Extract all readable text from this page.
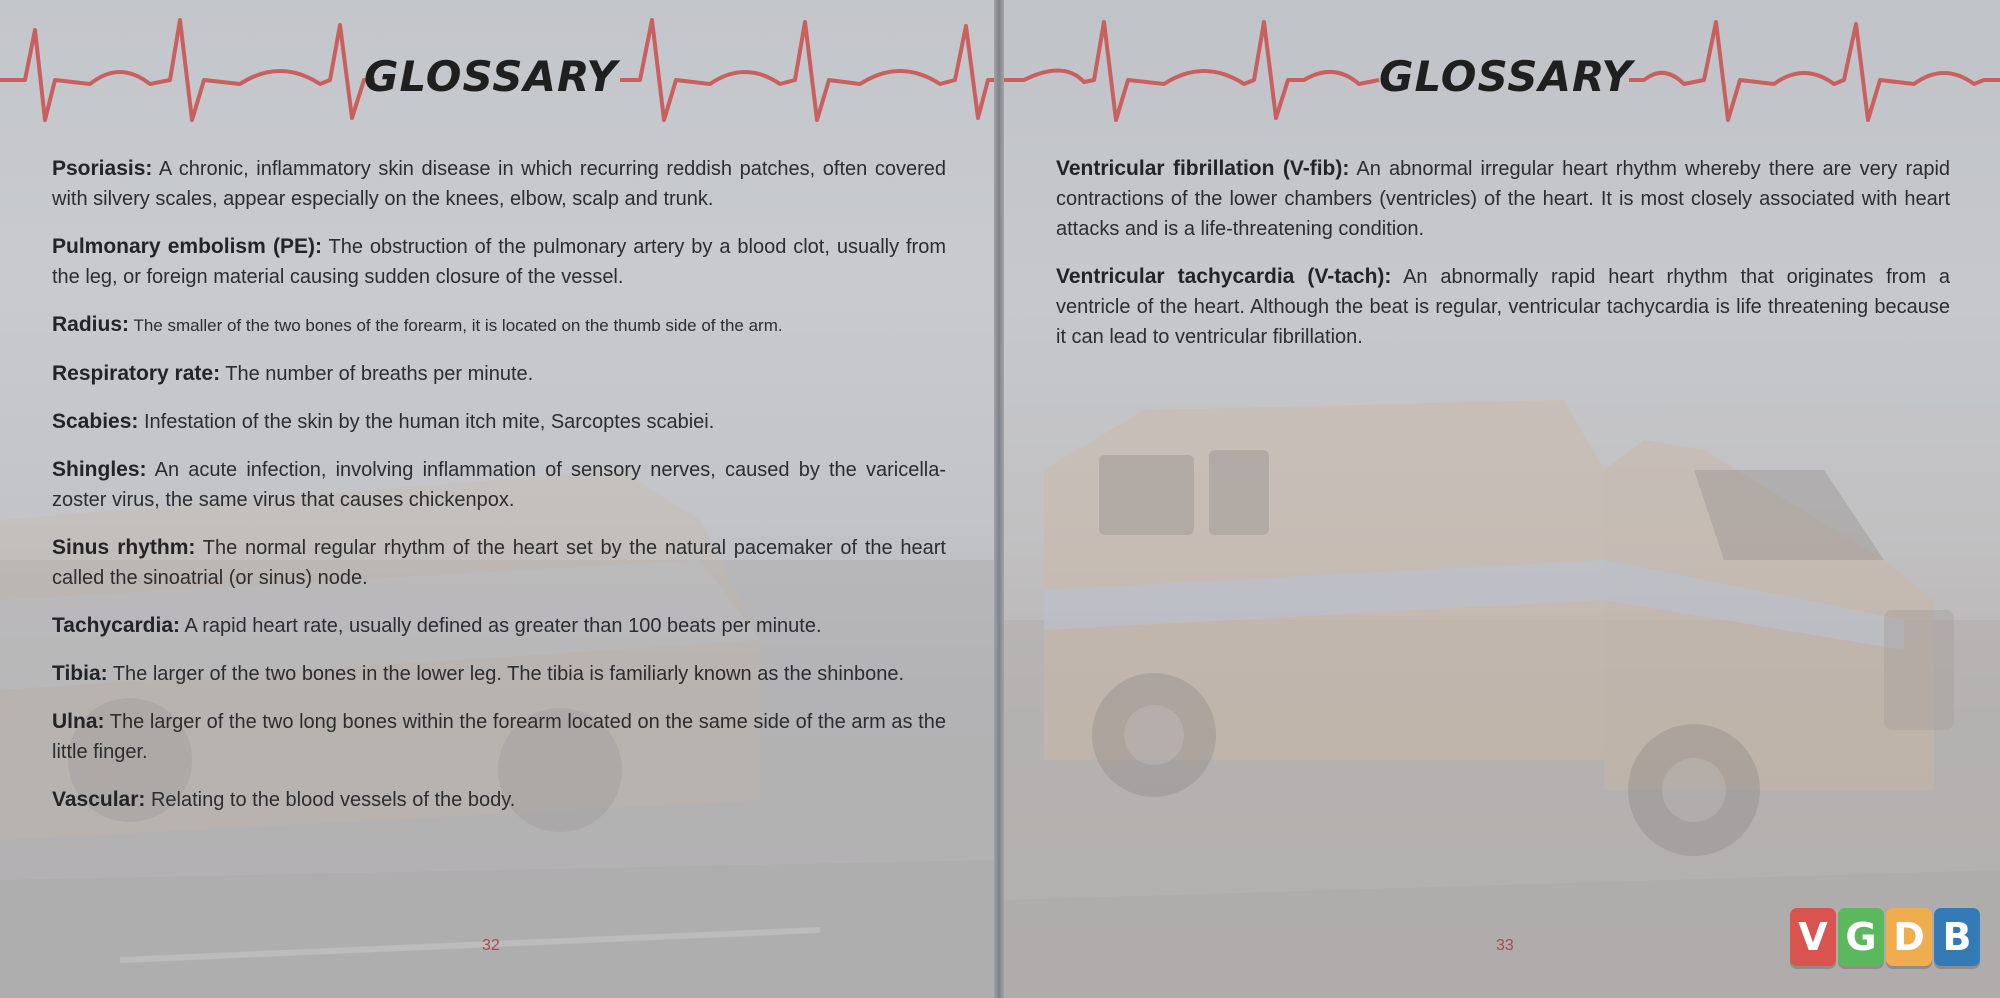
GLOSSARY

Psoriasis: A chronic, inflammatory skin disease in which recurring reddish patches, often covered with silvery scales, appear especially on the knees, elbow, scalp and trunk.

Pulmonary embolism (PE): The obstruction of the pulmonary artery by a blood clot, usually from the leg, or foreign material causing sudden closure of the vessel.

Radius: The smaller of the two bones of the forearm, it is located on the thumb side of the arm.

Respiratory rate: The number of breaths per minute.

Scabies: Infestation of the skin by the human itch mite, Sarcoptes scabiei.

Shingles: An acute infection, involving inflammation of sensory nerves, caused by the varicella-zoster virus, the same virus that causes chickenpox.

Sinus rhythm: The normal regular rhythm of the heart set by the natural pacemaker of the heart called the sinoatrial (or sinus) node.

Tachycardia: A rapid heart rate, usually defined as greater than 100 beats per minute.

Tibia: The larger of the two bones in the lower leg. The tibia is familiarly known as the shinbone.

Ulna: The larger of the two long bones within the forearm located on the same side of the arm as the little finger.

Vascular: Relating to the blood vessels of the body.

32
GLOSSARY

Ventricular fibrillation (V-fib): An abnormal irregular heart rhythm whereby there are very rapid contractions of the lower chambers (ventricles) of the heart. It is most closely associated with heart attacks and is a life-threatening condition.

Ventricular tachycardia (V-tach): An abnormally rapid heart rhythm that originates from a ventricle of the heart. Although the beat is regular, ventricular tachycardia is life threatening because it can lead to ventricular fibrillation.

33	V G D B
